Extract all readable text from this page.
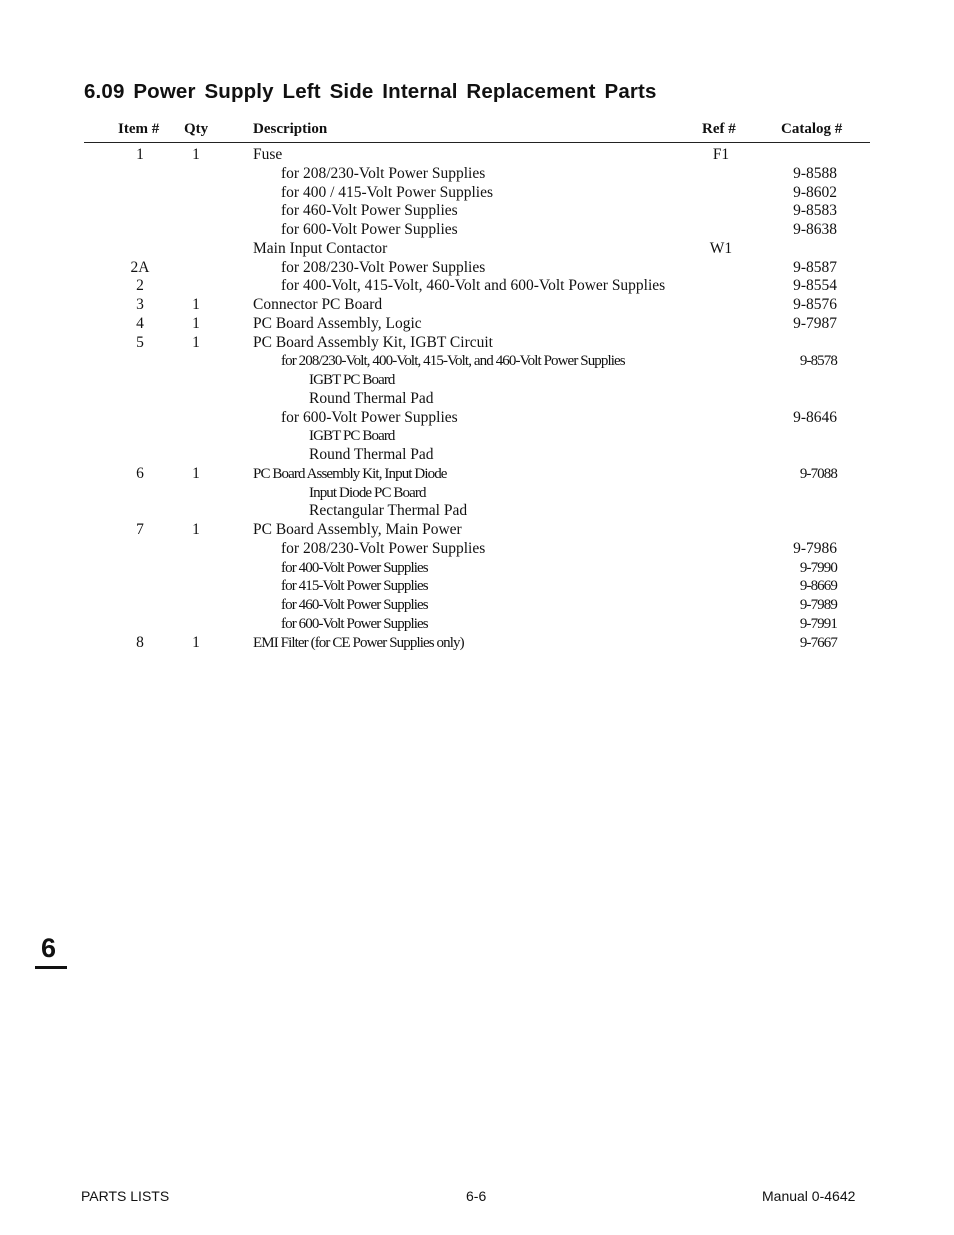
6.09 Power Supply Left Side Internal Replacement Parts
Item # Qty	Description	Ref #	Catalog #
1	1	Fuse	F1
for 208/230-Volt Power Supplies	9-8588
for 400 / 415-Volt Power Supplies	9-8602
for 460-Volt Power Supplies	9-8583
for 600-Volt Power Supplies	9-8638
Main Input Contactor	W1
2A	for 208/230-Volt Power Supplies	9-8587
2	for 400-Volt, 415-Volt, 460-Volt and 600-Volt Power Supplies	9-8554
3	1	Connector PC Board	9-8576
4	1	PC Board Assembly, Logic	9-7987
5	1	PC Board Assembly Kit, IGBT Circuit
for 208/230-Volt, 400-Volt, 415-Volt, and 460-Volt Power Supplies	9-8578
IGBT PC Board
Round Thermal Pad
for 600-Volt Power Supplies	9-8646
IGBT PC Board
Round Thermal Pad
6	1	PC Board Assembly Kit, Input Diode	9-7088
Input Diode PC Board
Rectangular Thermal Pad
7	1	PC Board Assembly, Main Power
for 208/230-Volt Power Supplies	9-7986
for 400-Volt Power Supplies	9-7990
for 415-Volt Power Supplies	9-8669
for 460-Volt Power Supplies	9-7989
for 600-Volt Power Supplies	9-7991
8	1	EMI Filter (for CE Power Supplies only)	9-7667
6
PARTS LISTS	6-6	Manual 0-4642
